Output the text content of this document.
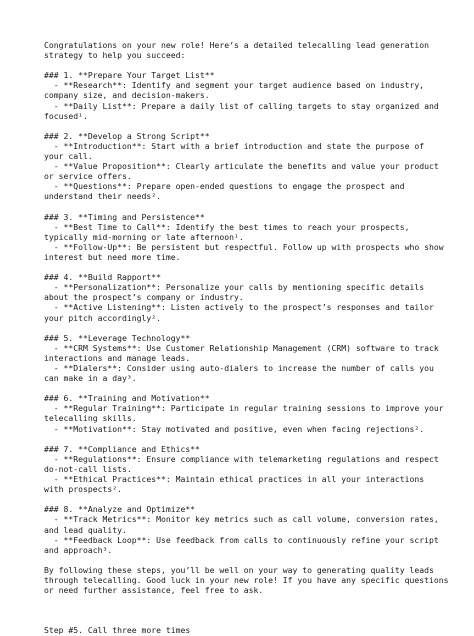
Congratulations on your new role! Here’s a detailed telecalling lead generation
strategy to help you succeed:
### 1. **Prepare Your Target List**
- **Research**: Identify and segment your target audience based on industry,
company size, and decision-makers.
- **Daily List**: Prepare a daily list of calling targets to stay organized and
focused¹.
### 2. **Develop a Strong Script**
- **Introduction**: Start with a brief introduction and state the purpose of
your call.
- **Value Proposition**: Clearly articulate the benefits and value your product
or service offers.
- **Questions**: Prepare open-ended questions to engage the prospect and
understand their needs².
### 3. **Timing and Persistence**
- **Best Time to Call**: Identify the best times to reach your prospects,
typically mid-morning or late afternoon¹.
- **Follow-Up**: Be persistent but respectful. Follow up with prospects who show
interest but need more time.
### 4. **Build Rapport**
- **Personalization**: Personalize your calls by mentioning specific details
about the prospect’s company or industry.
- **Active Listening**: Listen actively to the prospect’s responses and tailor
your pitch accordingly².
### 5. **Leverage Technology**
- **CRM Systems**: Use Customer Relationship Management (CRM) software to track
interactions and manage leads.
- **Dialers**: Consider using auto-dialers to increase the number of calls you
can make in a day³.
### 6. **Training and Motivation**
- **Regular Training**: Participate in regular training sessions to improve your
telecalling skills.
- **Motivation**: Stay motivated and positive, even when facing rejections².
### 7. **Compliance and Ethics**
- **Regulations**: Ensure compliance with telemarketing regulations and respect
do-not-call lists.
- **Ethical Practices**: Maintain ethical practices in all your interactions
with prospects².
### 8. **Analyze and Optimize**
- **Track Metrics**: Monitor key metrics such as call volume, conversion rates,
and lead quality.
- **Feedback Loop**: Use feedback from calls to continuously refine your script
and approach³.
By following these steps, you’ll be well on your way to generating quality leads
through telecalling. Good luck in your new role! If you have any specific questions
or need further assistance, feel free to ask.
Step #5. Call three more times
